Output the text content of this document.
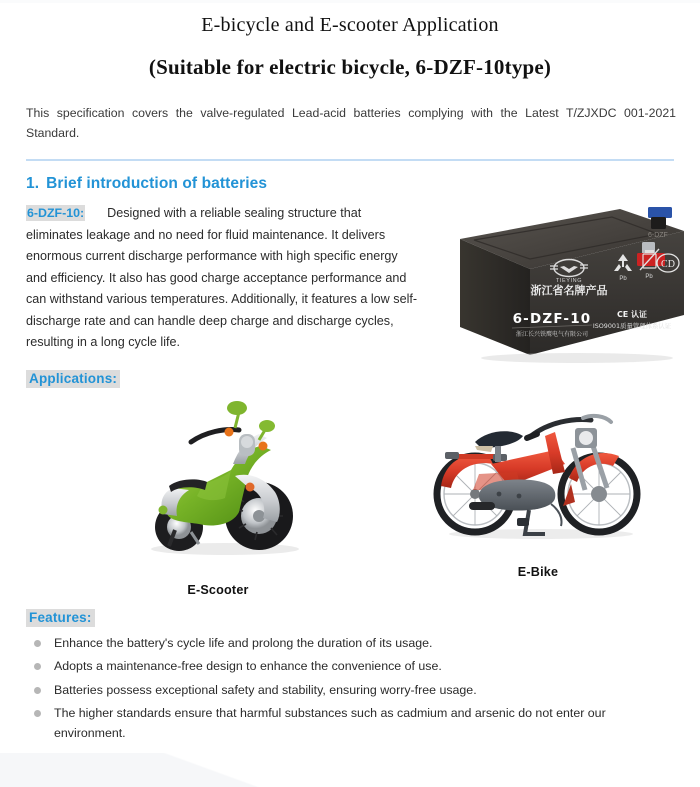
E-bicycle and E-scooter Application
(Suitable for electric bicycle, 6-DZF-10type)

This specification covers the valve-regulated Lead-acid batteries complying with the Latest T/ZJXDC 001-2021 Standard.

1. Brief introduction of batteries

6-DZF-10: Designed with a reliable sealing structure that eliminates leakage and no need for fluid maintenance. It delivers enormous current discharge performance with high specific energy and efficiency. It also has good charge acceptance performance and can withstand various temperatures. Additionally, it features a low self-discharge rate and can handle deep charge and discharge cycles, resulting in a long cycle life.

6-DZF
TIEYING
浙江省名牌产品
6-DZF-10
浙江长兴铁鹰电气有限公司
Pb	Pb
CD
CE 认证
ISO9001质量管理体系认证
Applications:
E-Scooter
E-Bike
Features:
Enhance the battery's cycle life and prolong the duration of its usage.
Adopts a maintenance-free design to enhance the convenience of use.
Batteries possess exceptional safety and stability, ensuring worry-free usage.
The higher standards ensure that harmful substances such as cadmium and arsenic do not enter our environment.
